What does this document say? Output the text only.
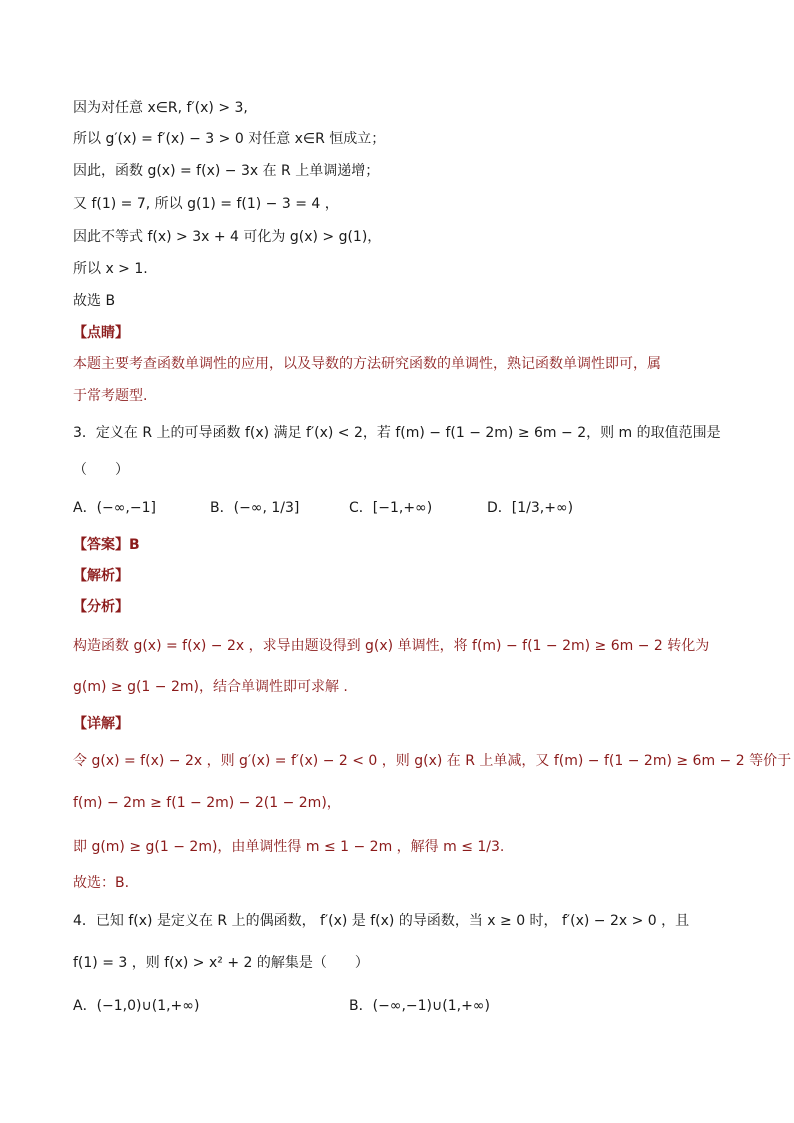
因为对任意 x∈R, f′(x) > 3,
所以 g′(x) = f′(x) − 3 > 0 对任意 x∈R 恒成立；
因此，函数 g(x) = f(x) − 3x 在 R 上单调递增；
又 f(1) = 7, 所以 g(1) = f(1) − 3 = 4 ，
因此不等式 f(x) > 3x + 4 可化为 g(x) > g(1)，
所以 x > 1.
故选 B
【点睛】
本题主要考查函数单调性的应用，以及导数的方法研究函数的单调性，熟记函数单调性即可，属
于常考题型.
3．定义在 R 上的可导函数 f(x) 满足 f′(x) < 2，若 f(m) − f(1 − 2m) ≥ 6m − 2，则 m 的取值范围是
（　　）
A．(−∞,−1]	B．(−∞, 1/3]	C．[−1,+∞)	D．[1/3,+∞)
【答案】B
【解析】
【分析】
构造函数 g(x) = f(x) − 2x ，求导由题设得到 g(x) 单调性，将 f(m) − f(1 − 2m) ≥ 6m − 2 转化为
g(m) ≥ g(1 − 2m)，结合单调性即可求解 .
【详解】
令 g(x) = f(x) − 2x ，则 g′(x) = f′(x) − 2 < 0 ，则 g(x) 在 R 上单减，又 f(m) − f(1 − 2m) ≥ 6m − 2 等价于
f(m) − 2m ≥ f(1 − 2m) − 2(1 − 2m)，
即 g(m) ≥ g(1 − 2m)，由单调性得 m ≤ 1 − 2m ，解得 m ≤ 1/3.
故选：B.
4．已知 f(x) 是定义在 R 上的偶函数， f′(x) 是 f(x) 的导函数，当 x ≥ 0 时， f′(x) − 2x > 0 ，且
f(1) = 3 ，则 f(x) > x² + 2 的解集是（　　）
A．(−1,0)∪(1,+∞)	B．(−∞,−1)∪(1,+∞)
